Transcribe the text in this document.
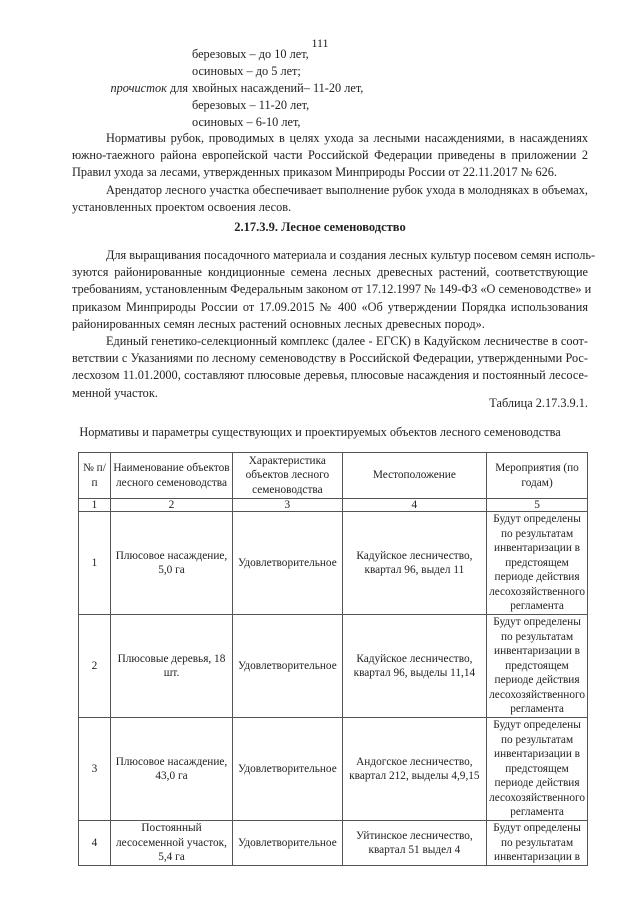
111
березовых – до 10 лет,
осиновых – до 5 лет;
прочисток для хвойных насаждений– 11-20 лет,
березовых – 11-20 лет,
осиновых – 6-10 лет,
Нормативы рубок, проводимых в целях ухода за лесными насаждениями, в насаждениях
южно-таежного района европейской части Российской Федерации приведены в приложении 2
Правил ухода за лесами, утвержденных приказом Минприроды России от 22.11.2017 № 626.
Арендатор лесного участка обеспечивает выполнение рубок ухода в молодняках в объемах,
установленных проектом освоения лесов.
2.17.3.9. Лесное семеноводство
Для выращивания посадочного материала и создания лесных культур посевом семян исполь-
зуются районированные кондиционные семена лесных древесных растений, соответствующие
требованиям, установленным Федеральным законом от 17.12.1997 № 149-ФЗ «О семеноводстве» и
приказом Минприроды России от 17.09.2015 № 400 «Об утверждении Порядка использования
районированных семян лесных растений основных лесных древесных пород».
Единый генетико-селекционный комплекс (далее - ЕГСК) в Кадуйском лесничестве в соот-
ветствии с Указаниями по лесному семеноводству в Российской Федерации, утвержденными Рос-
лесхозом 11.01.2000, составляют плюсовые деревья, плюсовые насаждения и постоянный лесосе-
менной участок.
Таблица 2.17.3.9.1.
Нормативы и параметры существующих и проектируемых объектов лесного семеноводства
№ п/п	Наименование объектов лесного семеноводства	Характеристика объектов лесного семеноводства	Местоположение	Мероприятия (по годам)
1	2	3	4	5
1	Плюсовое насаждение, 5,0 га	Удовлетворительное	Кадуйское лесничество, квартал 96, выдел 11	Будут определены по результатам инвентаризации в предстоящем периоде действия лесохозяйственного регламента
2	Плюсовые деревья, 18 шт.	Удовлетворительное	Кадуйское лесничество, квартал 96, выделы 11,14	Будут определены по результатам инвентаризации в предстоящем периоде действия лесохозяйственного регламента
3	Плюсовое насаждение, 43,0 га	Удовлетворительное	Андогское лесничество, квартал 212, выделы 4,9,15	Будут определены по результатам инвентаризации в предстоящем периоде действия лесохозяйственного регламента
4	Постоянный лесосеменной участок, 5,4 га	Удовлетворительное	Уйтинское лесничество, квартал 51 выдел 4	Будут определены по результатам инвентаризации в
